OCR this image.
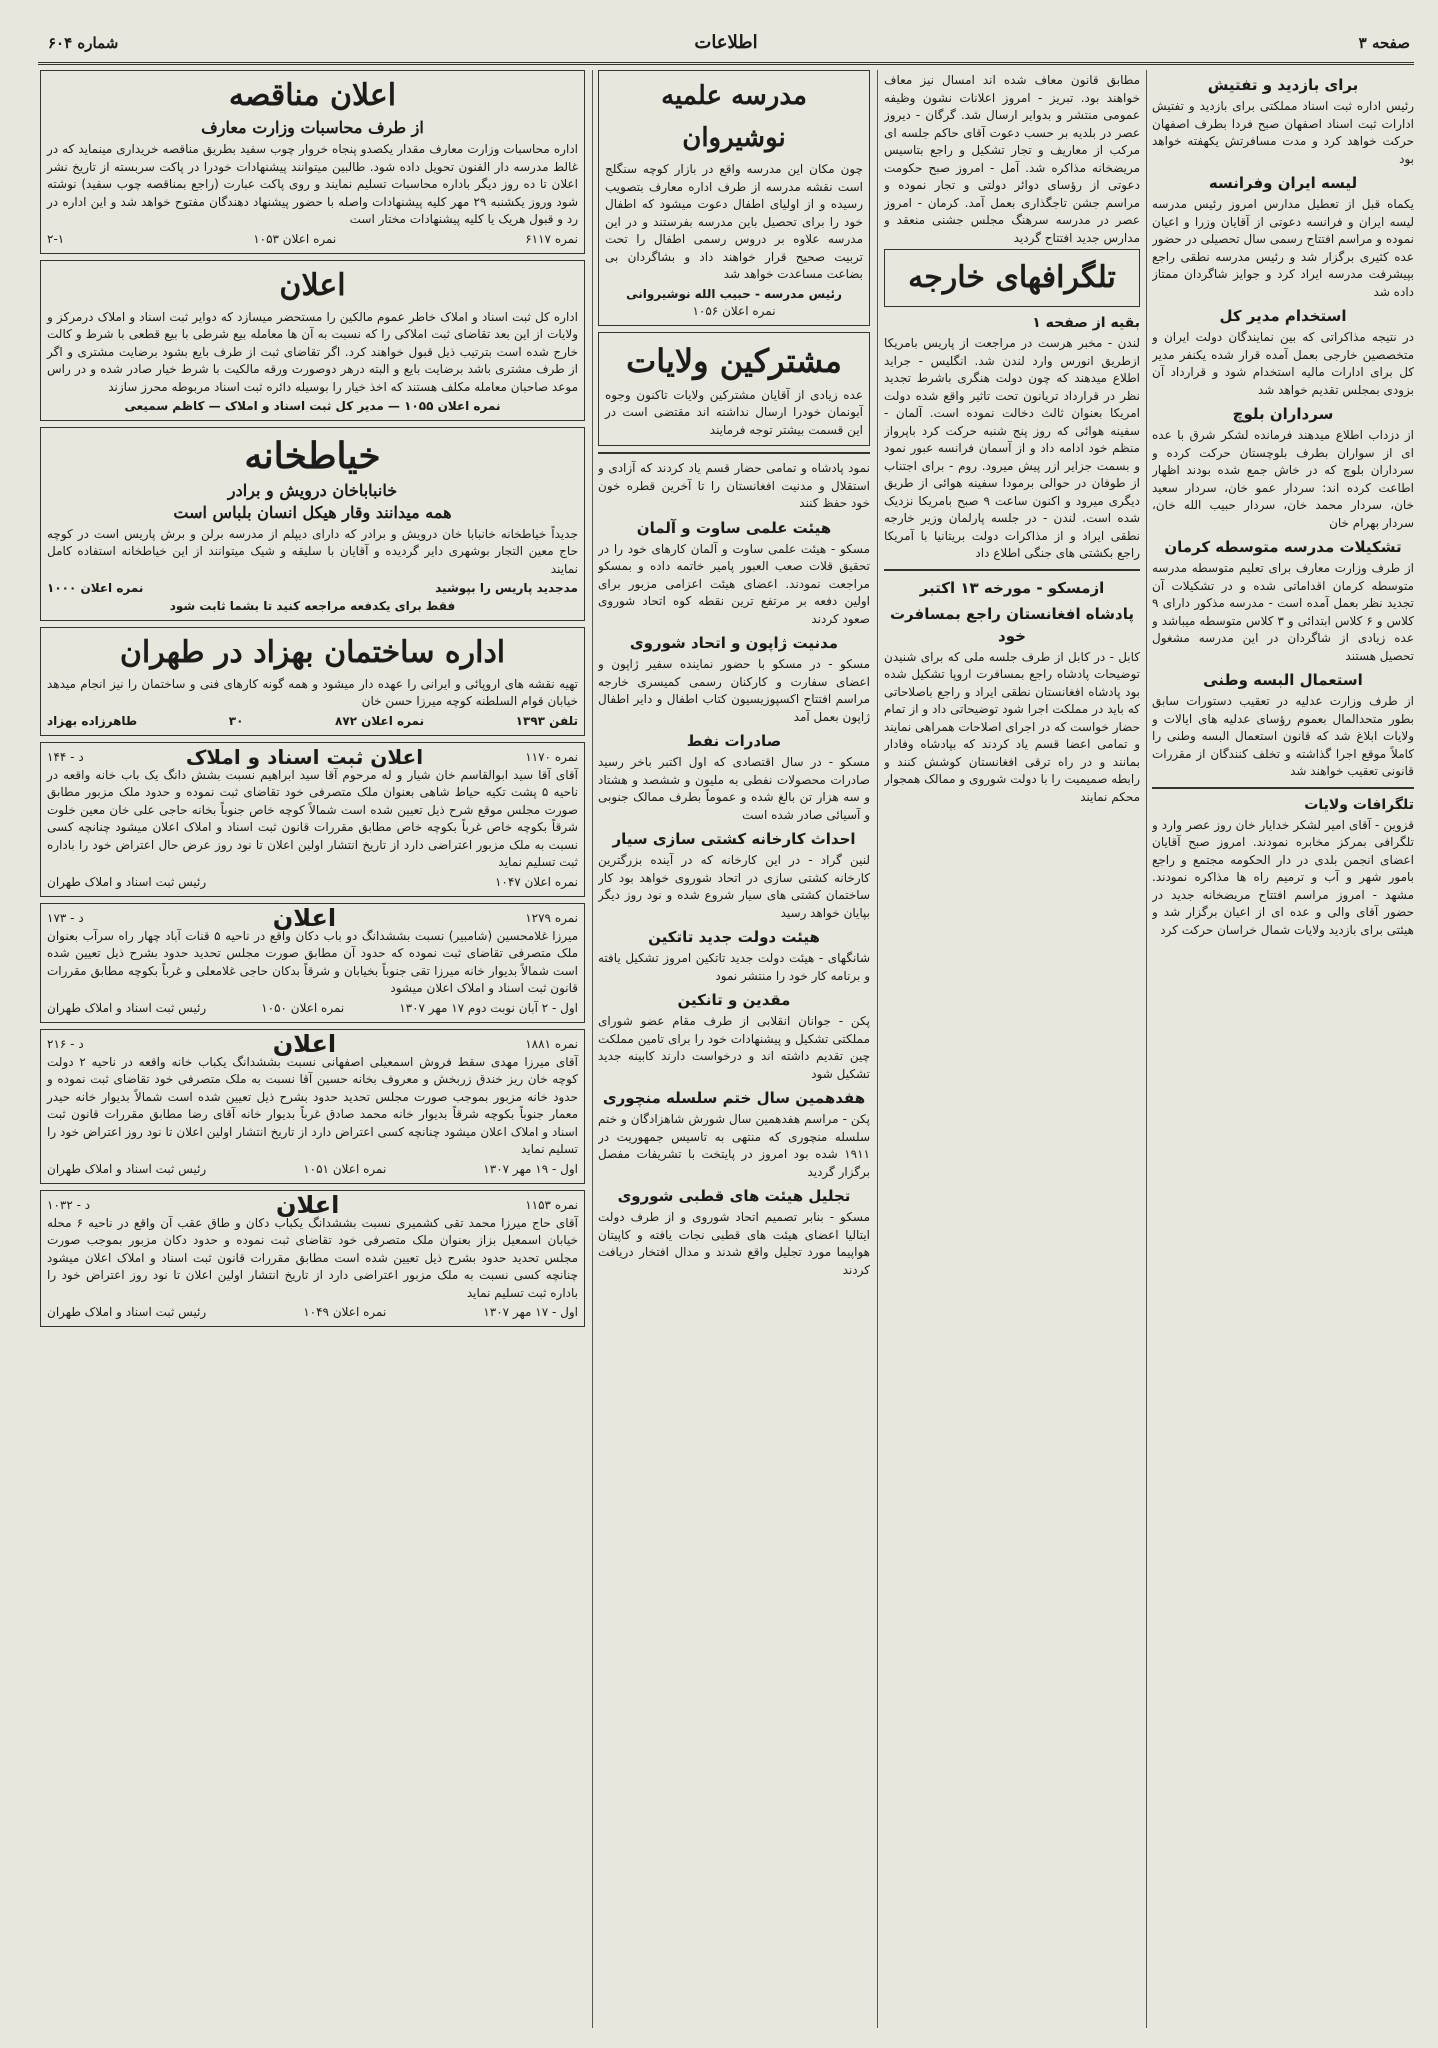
صفحه ۳
اطلاعات
شماره ۶۰۴
اعلان مناقصه
از طرف محاسبات وزارت معارف

اداره محاسبات وزارت معارف مقدار یکصدو پنجاه خروار چوب سفید بطریق مناقصه خریداری مینماید که در غالط مدرسه دار الفنون تحویل داده شود. طالبین میتوانند پیشنهادات خودرا در پاکت سربسته از تاریخ نشر اعلان تا ده روز دیگر باداره محاسبات تسلیم نمایند و روی پاکت عبارت (راجع بمناقصه چوب سفید) نوشته شود وروز یکشنبه ۲۹ مهر کلیه پیشنهادات واصله با حضور پیشنهاد دهندگان مفتوح خواهد شد و این اداره در رد و قبول هریک یا کلیه پیشنهادات مختار است

نمره ۶۱۱۷
نمره اعلان ۱۰۵۳
۲-۱
اعلان

اداره کل ثبت اسناد و املاک خاطر عموم مالکین را مستحضر میسازد که دوایر ثبت اسناد و املاک درمرکز و ولایات از این بعد تقاضای ثبت املاکی را که نسبت به آن ها معامله بیع شرطی با بیع قطعی با شرط و کالت خارج شده است بترتیب ذیل قبول خواهند کرد. اگر تقاضای ثبت از طرف بایع بشود برضایت مشتری و اگر از طرف مشتری باشد برضایت بایع و البته درهر دوصورت ورقه مالکیت با شرط خیار صادر شده و در راس موعد صاحبان معامله مکلف هستند که اخذ خیار را بوسیله دائره ثبت اسناد مربوطه محرز سازند

نمره اعلان ۱۰۵۵ — مدیر کل ثبت اسناد و املاک — کاظم سمیعی
خیاطخانه
خانباباخان درویش و برادر
همه میدانند وقار هیکل انسان بلباس است

جدیداً خیاطخانه خانبابا خان درویش و برادر که دارای دیپلم از مدرسه برلن و برش پاریس است در کوچه حاج معین التجار بوشهری دایر گردیده و آقایان با سلیقه و شیک میتوانند از این خیاطخانه استفاده کامل نمایند

مدجدید پاریس را بپوشید
نمره اعلان ۱۰۰۰
فقط برای یکدفعه مراجعه کنید تا بشما ثابت شود
اداره ساختمان بهزاد در طهران

تهیه نقشه های اروپائی و ایرانی را عهده دار میشود و همه گونه کارهای فنی و ساختمان را نیز انجام میدهد خیابان قوام السلطنه کوچه میرزا حسن خان

تلفن ۱۳۹۳
نمره اعلان ۸۷۲
۳۰
طاهرزاده بهزاد
نمره ۱۱۷۰
اعلان ثبت اسناد و املاک
د - ۱۴۴

آقای آقا سید ابوالقاسم خان شیار و له مرحوم آقا سید ابراهیم نسبت بشش دانگ یک باب خانه واقعه در ناحیه ۵ پشت تکیه حیاط شاهی بعنوان ملک متصرفی خود تقاضای ثبت نموده و حدود ملک مزبور مطابق صورت مجلس موقع شرح ذیل تعیین شده است شمالاً کوچه خاص جنوباً بخانه حاجی علی خان معین خلوت شرقاً بکوچه خاص غرباً بکوچه خاص مطابق مقررات قانون ثبت اسناد و املاک اعلان میشود چنانچه کسی نسبت به ملک مزبور اعتراضی دارد از تاریخ انتشار اولین اعلان تا نود روز عرض حال اعتراض خود را باداره ثبت تسلیم نماید

نمره اعلان ۱۰۴۷
رئیس ثبت اسناد و املاک طهران
نمره ۱۲۷۹
اعلان
د - ۱۷۳

میرزا غلامحسین (شامبیر) نسبت بششدانگ دو باب دکان واقع در ناحیه ۵ قنات آباد چهار راه سرآب بعنوان ملک متصرفی تقاضای ثبت نموده که حدود آن مطابق صورت مجلس تحدید حدود بشرح ذیل تعیین شده است شمالاً بدیوار خانه میرزا تقی جنوباً بخیابان و شرقاً بدکان حاجی غلامعلی و غرباً بکوچه مطابق مقررات قانون ثبت اسناد و املاک اعلان میشود

اول - ۲ آبان نوبت دوم ۱۷ مهر ۱۳۰۷
نمره اعلان ۱۰۵۰
رئیس ثبت اسناد و املاک طهران
نمره ۱۸۸۱
اعلان
د - ۲۱۶

آقای میرزا مهدی سقط فروش اسمعیلی اصفهانی نسبت بششدانگ یکباب خانه واقعه در ناحیه ۲ دولت کوچه خان ریز خندق زربخش و معروف بخانه حسین آقا نسبت به ملک متصرفی خود تقاضای ثبت نموده و حدود خانه مزبور بموجب صورت مجلس تحدید حدود بشرح ذیل تعیین شده است شمالاً بدیوار خانه حیدر معمار جنوباً بکوچه شرقاً بدیوار خانه محمد صادق غرباً بدیوار خانه آقای رضا مطابق مقررات قانون ثبت اسناد و املاک اعلان میشود چنانچه کسی اعتراض دارد از تاریخ انتشار اولین اعلان تا نود روز اعتراض خود را تسلیم نماید

اول - ۱۹ مهر ۱۳۰۷
نمره اعلان ۱۰۵۱
رئیس ثبت اسناد و املاک طهران
نمره ۱۱۵۳
اعلان
د - ۱۰۳۲

آقای حاج میرزا محمد تقی کشمیری نسبت بششدانگ یکباب دکان و طاق عقب آن واقع در ناحیه ۶ محله خیابان اسمعیل بزاز بعنوان ملک متصرفی خود تقاضای ثبت نموده و حدود دکان مزبور بموجب صورت مجلس تحدید حدود بشرح ذیل تعیین شده است مطابق مقررات قانون ثبت اسناد و املاک اعلان میشود چنانچه کسی نسبت به ملک مزبور اعتراضی دارد از تاریخ انتشار اولین اعلان تا نود روز اعتراض خود را باداره ثبت تسلیم نماید

اول - ۱۷ مهر ۱۳۰۷
نمره اعلان ۱۰۴۹
رئیس ثبت اسناد و املاک طهران
مدرسه علمیه نوشیروان

چون مکان این مدرسه واقع در بازار کوچه سنگلج است نقشه مدرسه از طرف اداره معارف بتصویب رسیده و از اولیای اطفال دعوت میشود که اطفال خود را برای تحصیل باین مدرسه بفرستند و در این مدرسه علاوه بر دروس رسمی اطفال را تحت تربیت صحیح قرار خواهند داد و بشاگردان بی بضاعت مساعدت خواهد شد

رئیس مدرسه - حبیب الله نوشیروانی
نمره اعلان ۱۰۵۶
مشترکین ولایات

عده زیادی از آقایان مشترکین ولایات تاکنون وجوه آبونمان خودرا ارسال نداشته اند مقتضی است در این قسمت بیشتر توجه فرمایند

نمود پادشاه و تمامی حضار قسم یاد کردند که آزادی و استقلال و مدنیت افغانستان را تا آخرین قطره خون خود حفظ کنند

هیئت علمی ساوت و آلمان

مسکو - هیئت علمی ساوت و آلمان کارهای خود را در تحقیق قلات صعب العبور پامیر خاتمه داده و بمسکو مراجعت نمودند. اعضای هیئت اعزامی مزبور برای اولین دفعه بر مرتفع ترین نقطه کوه اتحاد شوروی صعود کردند

مدنیت ژاپون و اتحاد شوروی

مسکو - در مسکو با حضور نماینده سفیر ژاپون و اعضای سفارت و کارکنان رسمی کمیسری خارجه مراسم افتتاح اکسپوزیسیون کتاب اطفال و دایر اطفال ژاپون بعمل آمد

صادرات نفط

مسکو - در سال اقتصادی که اول اکتبر باخر رسید صادرات محصولات نفطی به ملیون و ششصد و هشتاد و سه هزار تن بالغ شده و عموماً بطرف ممالک جنوبی و آسیائی صادر شده است

احداث کارخانه کشتی سازی سیار

لنین گراد - در این کارخانه که در آینده بزرگترین کارخانه کشتی سازی در اتحاد شوروی خواهد بود کار ساختمان کشتی های سیار شروع شده و نود روز دیگر بپایان خواهد رسید

هیئت دولت جدید تاتکین

شانگهای - هیئت دولت جدید تاتکین امروز تشکیل یافته و برنامه کار خود را منتشر نمود

مقدین و تانکین

پکن - جوانان انقلابی از طرف مقام عضو شورای مملکتی تشکیل و پیشنهادات خود را برای تامین مملکت چین تقدیم داشته اند و درخواست دارند کابینه جدید تشکیل شود

هفدهمین سال ختم سلسله منچوری

پکن - مراسم هفدهمین سال شورش شاهزادگان و ختم سلسله منچوری که منتهی به تاسیس جمهوریت در ۱۹۱۱ شده بود امروز در پایتخت با تشریفات مفصل برگزار گردید

تجلیل هیئت های قطبی شوروی

مسکو - بنابر تصمیم اتحاد شوروی و از طرف دولت ایتالیا اعضای هیئت های قطبی نجات یافته و کاپیتان هواپیما مورد تجلیل واقع شدند و مدال افتخار دریافت کردند

مطابق قانون معاف شده اند امسال نیز معاف خواهند بود. تبریز - امروز اعلانات نشون وظیفه عمومی منتشر و بدوایر ارسال شد. گرگان - دیروز عصر در بلدیه بر حسب دعوت آقای حاکم جلسه ای مرکب از معاریف و تجار تشکیل و راجع بتاسیس مریضخانه مذاکره شد. آمل - امروز صبح حکومت دعوتی از رؤسای دوائر دولتی و تجار نموده و مراسم جشن تاجگذاری بعمل آمد. کرمان - امروز عصر در مدرسه سرهنگ مجلس جشنی منعقد و مدارس جدید افتتاح گردید

تلگرافهای خارجه
بقیه از صفحه ۱

لندن - مخبر هرست در مراجعت از پاریس بامریکا ازطریق انورس وارد لندن شد. انگلیس - جراید اطلاع میدهند که چون دولت هنگری باشرط تجدید نظر در قرارداد تریانون تحت تاثیر واقع شده دولت امریکا بعنوان ثالث دخالت نموده است. آلمان - سفینه هوائی که روز پنج شنبه حرکت کرد باپرواز منظم خود ادامه داد و از آسمان فرانسه عبور نمود و بسمت جزایر ازر پیش میرود. روم - برای اجتناب از طوفان در حوالی برمودا سفینه هوائی از طریق دیگری میرود و اکنون ساعت ۹ صبح بامریکا نزدیک شده است. لندن - در جلسه پارلمان وزیر خارجه نطقی ایراد و از مذاکرات دولت بریتانیا با آمریکا راجع بکشتی های جنگی اطلاع داد

ازمسکو - مورخه ۱۳ اکتبر
پادشاه افغانستان راجع بمسافرت خود

کابل - در کابل از طرف جلسه ملی که برای شنیدن توضیحات پادشاه راجع بمسافرت اروپا تشکیل شده بود پادشاه افغانستان نطقی ایراد و راجع باصلاحاتی که باید در مملکت اجرا شود توضیحاتی داد و از تمام حضار خواست که در اجرای اصلاحات همراهی نمایند و تمامی اعضا قسم یاد کردند که بپادشاه وفادار بمانند و در راه ترقی افغانستان کوشش کنند و رابطه صمیمیت را با دولت شوروی و ممالک همجوار محکم نمایند

برای بازدید و تفتیش

رئیس اداره ثبت اسناد مملکتی برای بازدید و تفتیش ادارات ثبت اسناد اصفهان صبح فردا بطرف اصفهان حرکت خواهد کرد و مدت مسافرتش یکهفته خواهد بود

لیسه ایران وفرانسه

یکماه قبل از تعطیل مدارس امروز رئیس مدرسه لیسه ایران و فرانسه دعوتی از آقایان وزرا و اعیان نموده و مراسم افتتاح رسمی سال تحصیلی در حضور عده کثیری برگزار شد و رئیس مدرسه نطقی راجع بپیشرفت مدرسه ایراد کرد و جوایز شاگردان ممتاز داده شد

استخدام مدیر کل

در نتیجه مذاکراتی که بین نمایندگان دولت ایران و متخصصین خارجی بعمل آمده قرار شده یکنفر مدیر کل برای ادارات مالیه استخدام شود و قرارداد آن بزودی بمجلس تقدیم خواهد شد

سرداران بلوچ

از دزداب اطلاع میدهند فرمانده لشکر شرق با عده ای از سواران بطرف بلوچستان حرکت کرده و سرداران بلوچ که در خاش جمع شده بودند اظهار اطاعت کرده اند: سردار عمو خان، سردار سعید خان، سردار محمد خان، سردار حبیب الله خان، سردار بهرام خان

تشکیلات مدرسه متوسطه کرمان

از طرف وزارت معارف برای تعلیم متوسطه مدرسه متوسطه کرمان اقداماتی شده و در تشکیلات آن تجدید نظر بعمل آمده است - مدرسه مذکور دارای ۹ کلاس و ۶ کلاس ابتدائی و ۳ کلاس متوسطه میباشد و عده زیادی از شاگردان در این مدرسه مشغول تحصیل هستند

استعمال البسه وطنی

از طرف وزارت عدلیه در تعقیب دستورات سابق بطور متحدالمال بعموم رؤسای عدلیه های ایالات و ولایات ابلاغ شد که قانون استعمال البسه وطنی را کاملاً موقع اجرا گذاشته و تخلف کنندگان از مقررات قانونی تعقیب خواهند شد

تلگرافات ولایات

قزوین - آقای امیر لشکر خدایار خان روز عصر وارد و تلگرافی بمرکز مخابره نمودند. امروز صبح آقایان اعضای انجمن بلدی در دار الحکومه مجتمع و راجع بامور شهر و آب و ترمیم راه ها مذاکره نمودند. مشهد - امروز مراسم افتتاح مریضخانه جدید در حضور آقای والی و عده ای از اعیان برگزار شد و هیئتی برای بازدید ولایات شمال خراسان حرکت کرد
